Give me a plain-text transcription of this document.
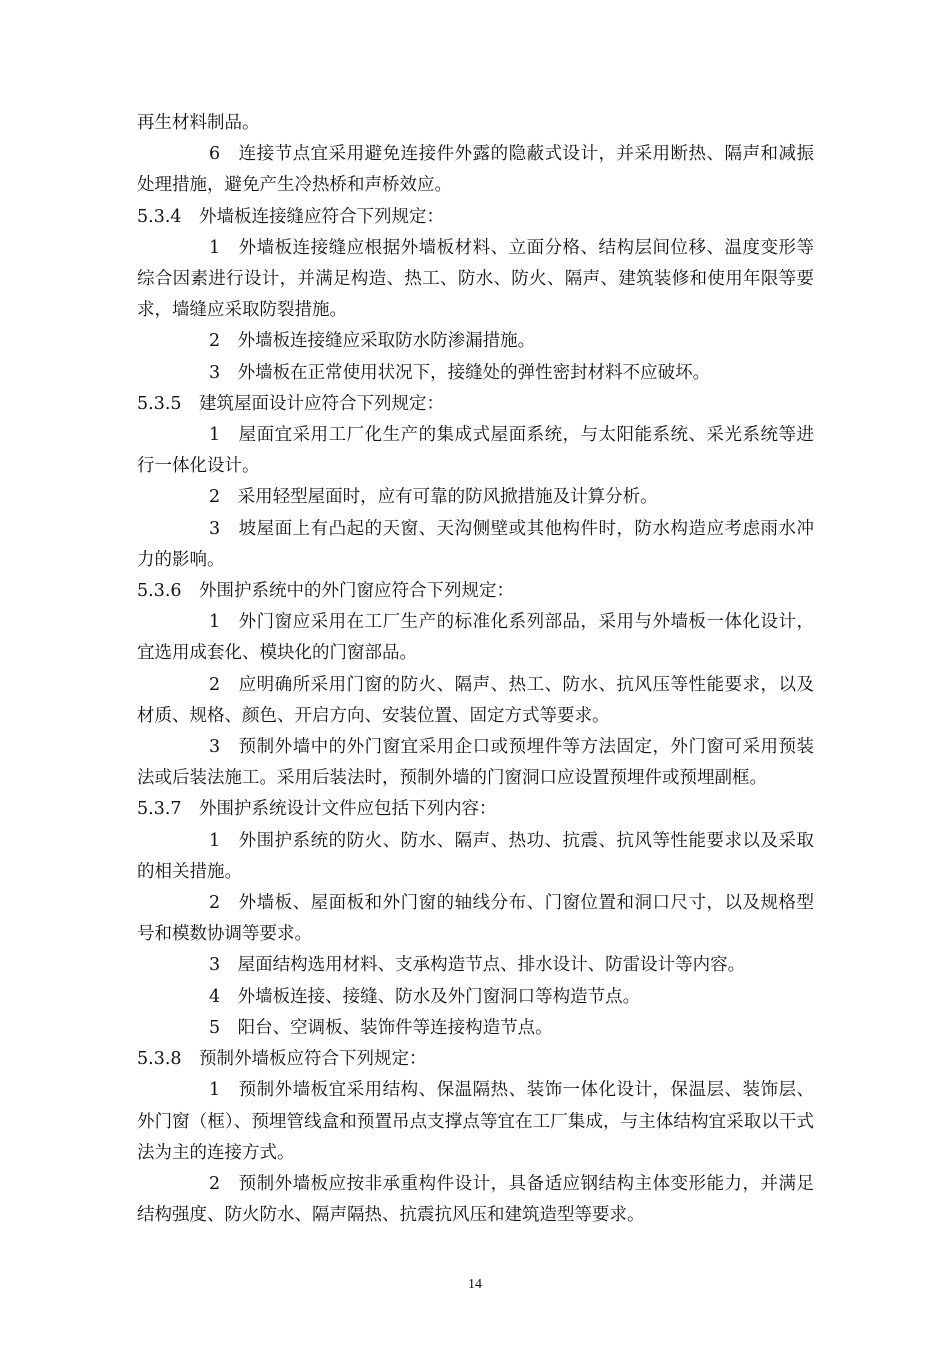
再生材料制品。

6　 连接节点宜采用避免连接件外露的隐蔽式设计，并采用断热、隔声和减振处理措施，避免产生冷热桥和声桥效应。

5.3.4　 外墙板连接缝应符合下列规定：

1　 外墙板连接缝应根据外墙板材料、立面分格、结构层间位移、温度变形等综合因素进行设计，并满足构造、热工、防水、防火、隔声、建筑装修和使用年限等要求，墙缝应采取防裂措施。

2　 外墙板连接缝应采取防水防渗漏措施。

3　 外墙板在正常使用状况下，接缝处的弹性密封材料不应破坏。

5.3.5　 建筑屋面设计应符合下列规定：

1　 屋面宜采用工厂化生产的集成式屋面系统，与太阳能系统、采光系统等进行一体化设计。

2　 采用轻型屋面时，应有可靠的防风掀措施及计算分析。

3　 坡屋面上有凸起的天窗、天沟侧壁或其他构件时，防水构造应考虑雨水冲力的影响。

5.3.6　 外围护系统中的外门窗应符合下列规定：

1　 外门窗应采用在工厂生产的标准化系列部品，采用与外墙板一体化设计，宜选用成套化、模块化的门窗部品。

2　 应明确所采用门窗的防火、隔声、热工、防水、抗风压等性能要求，以及材质、规格、颜色、开启方向、安装位置、固定方式等要求。

3　 预制外墙中的外门窗宜采用企口或预埋件等方法固定，外门窗可采用预装法或后装法施工。采用后装法时，预制外墙的门窗洞口应设置预埋件或预埋副框。

5.3.7　 外围护系统设计文件应包括下列内容：

1　 外围护系统的防火、防水、隔声、热功、抗震、抗风等性能要求以及采取的相关措施。

2　 外墙板、屋面板和外门窗的轴线分布、门窗位置和洞口尺寸，以及规格型号和模数协调等要求。

3　 屋面结构选用材料、支承构造节点、排水设计、防雷设计等内容。

4　 外墙板连接、接缝、防水及外门窗洞口等构造节点。

5　 阳台、空调板、装饰件等连接构造节点。

5.3.8　 预制外墙板应符合下列规定：

1　 预制外墙板宜采用结构、保温隔热、装饰一体化设计，保温层、装饰层、外门窗（框）、预埋管线盒和预置吊点支撑点等宜在工厂集成，与主体结构宜采取以干式法为主的连接方式。

2　 预制外墙板应按非承重构件设计，具备适应钢结构主体变形能力，并满足结构强度、防火防水、隔声隔热、抗震抗风压和建筑造型等要求。

14
